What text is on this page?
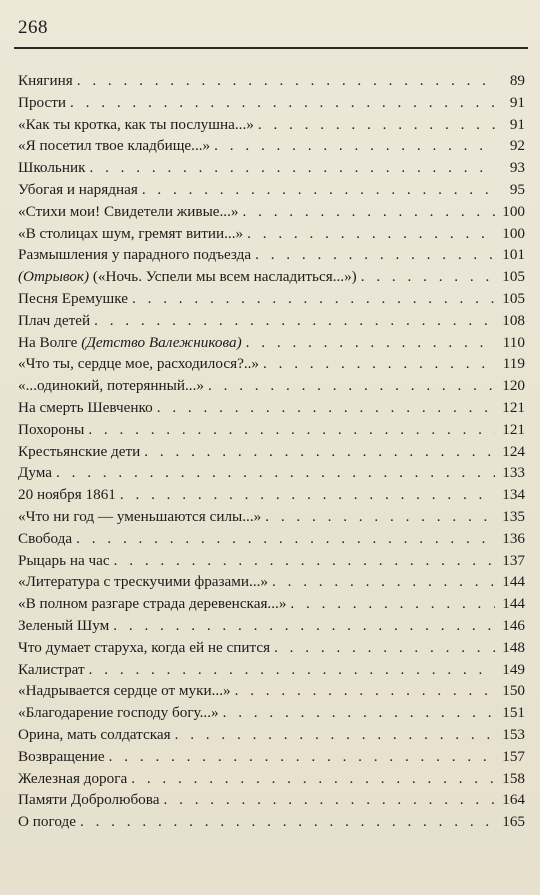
268
Княгиня . . .	89
Прости . . .	91
«Как ты кротка, как ты послушна...» . . .	91
«Я посетил твое кладбище...» . . .	92
Школьник . . .	93
Убогая и нарядная . . .	95
«Стихи мои! Свидетели живые...» . . .	100
«В столицах шум, гремят витии...» . . .	100
Размышления у парадного подъезда . . .	101
(Отрывок) («Ночь. Успели мы всем насладиться...») . . .	105
Песня Еремушке . . .	105
Плач детей . . .	108
На Волге (Детство Валежникова) . . .	110
«Что ты, сердце мое, расходилося?..» . . .	119
«...одинокий, потерянный...» . . .	120
На смерть Шевченко . . .	121
Похороны . . .	121
Крестьянские дети . . .	124
Дума . . .	133
20 ноября 1861 . . .	134
«Что ни год — уменьшаются силы...» . . .	135
Свобода . . .	136
Рыцарь на час . . .	137
«Литература с трескучими фразами...» . . .	144
«В полном разгаре страда деревенская...» . . .	144
Зеленый Шум . . .	146
Что думает старуха, когда ей не спится . . .	148
Калистрат . . .	149
«Надрывается сердце от муки...» . . .	150
«Благодарение господу богу...» . . .	151
Орина, мать солдатская . . .	153
Возвращение . . .	157
Железная дорога . . .	158
Памяти Добролюбова . . .	164
О погоде . . .	165
